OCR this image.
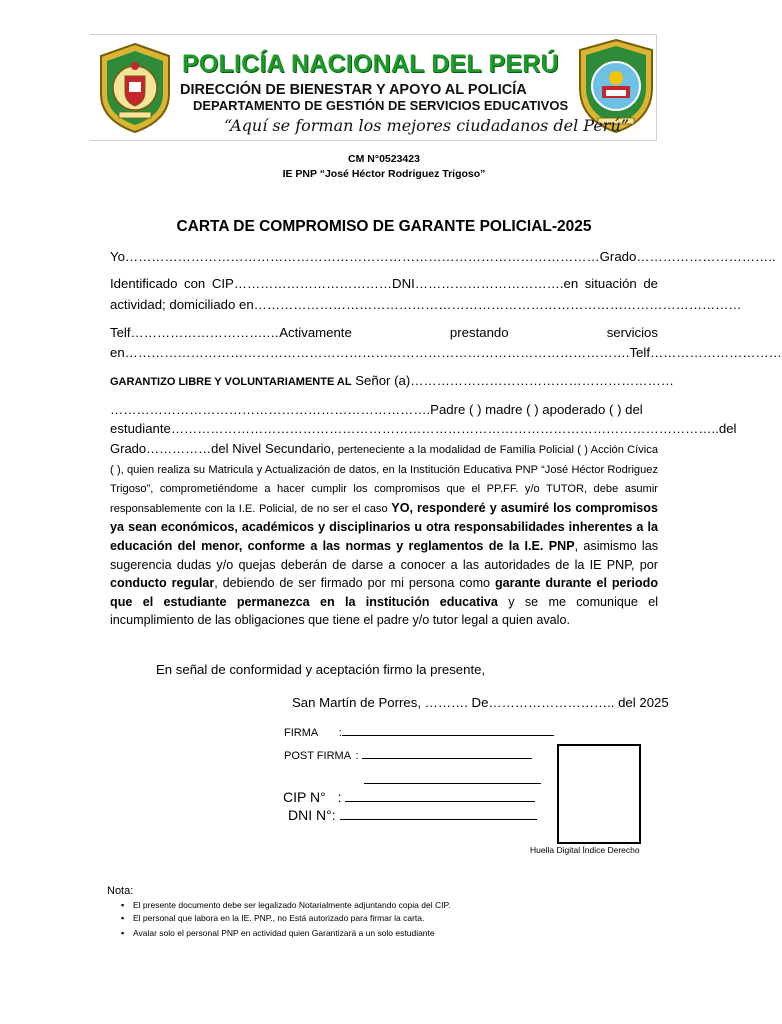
POLICÍA NACIONAL DEL PERÚ
DIRECCIÓN DE BIENESTAR Y APOYO AL POLICÍA
DEPARTAMENTO DE GESTIÓN DE SERVICIOS EDUCATIVOS
“Aquí se forman los mejores ciudadanos del Perú”
CM N°0523423
IE PNP “José Héctor Rodriguez Trigoso”
CARTA DE COMPROMISO DE GARANTE POLICIAL-2025
Yo………………………………………………………………………………………………Grado…………………………..
Identificado con CIP………………………………DNI…………………………….en situación de
actividad; domiciliado en…………………………………………………………………………………………………
Telf………………………….…Activamente	prestando	servicios
en…………………………………………………………………………………………………….Telf…………………………
GARANTIZO LIBRE Y VOLUNTARIAMENTE AL Señor (a)……………………………………………………
……………………………………………………………….Padre ( ) madre ( ) apoderado ( ) del
estudiante……………………………………………………………………………………………………………..del
Grado……………del Nivel Secundario, perteneciente a la modalidad de Familia Policial ( ) Acción Cívica ( ), quien realiza su Matricula y Actualización de datos, en la Institución Educativa PNP “José Héctor Rodriguez Trigoso”, comprometiéndome a hacer cumplir los compromisos que el PP.FF. y/o TUTOR, debe asumir responsablemente con la I.E. Policial, de no ser el caso YO, responderé y asumiré los compromisos ya sean económicos, académicos y disciplinarios u otra responsabilidades inherentes a la educación del menor, conforme a las normas y reglamentos de la I.E. PNP, asimismo las sugerencia dudas y/o quejas deberán de darse a conocer a las autoridades de la IE PNP, por conducto regular, debiendo de ser firmado por mi persona como garante durante el periodo que el estudiante permanezca en la institución educativa y se me comunique el incumplimiento de las obligaciones que tiene el padre y/o tutor legal a quien avalo.
En señal de conformidad y aceptación firmo la presente,
San Martín de Porres, ………. De……………………….. del 2025
FIRMA :
POST FIRMA :
CIP N° :
DNI N°:
Huella Digital Índice Derecho
Nota:
▪ El presente documento debe ser legalizado Notarialmente adjuntando copia del CIP.
▪ El personal que labora en la IE. PNP., no Está autorizado para firmar la carta.
▪ Avalar solo el personal PNP en actividad quien Garantizará a un solo estudiante
